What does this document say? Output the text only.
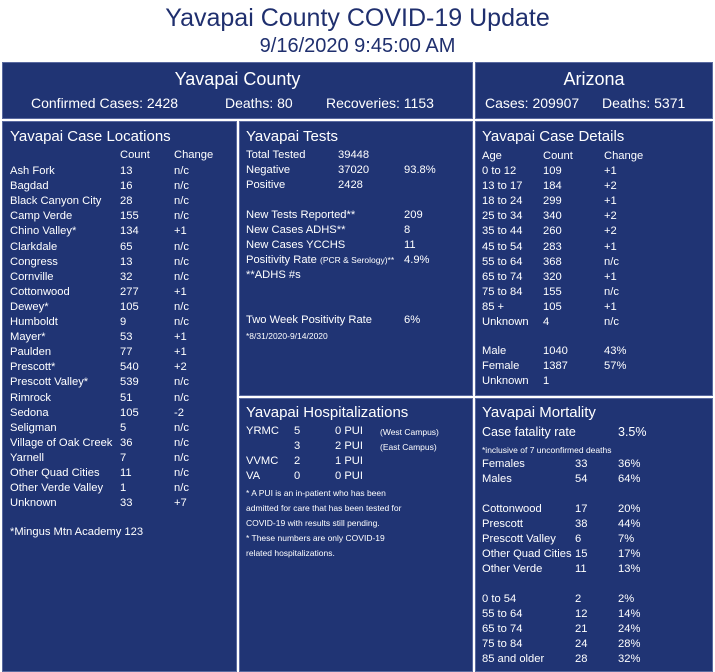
Yavapai County COVID-19 Update
9/16/2020 9:45:00 AM
Yavapai County
Confirmed Cases: 2428	Deaths: 80 Recoveries: 1153
Arizona
Cases: 209907 Deaths: 5371
Yavapai Case Locations
Count Change
Ash Fork	13	n/c
Bagdad	16	n/c
Black Canyon City 28	n/c
Camp Verde	155	n/c
Chino Valley*	134	+1
Clarkdale	65	n/c
Congress	13	n/c
Cornville	32	n/c
Cottonwood	277	+1
Dewey*	105	n/c
Humboldt	9	n/c
Mayer*	53	+1
Paulden	77	+1
Prescott*	540	+2
Prescott Valley*	539	n/c
Rimrock	51	n/c
Sedona	105	-2
Seligman	5	n/c
Village of Oak Creek 36	n/c
Yarnell	7	n/c
Other Quad Cities 11	n/c
Other Verde Valley 1	n/c
Unknown	33	+7
*Mingus Mtn Academy 123
Yavapai Tests
Total Tested	39448
Negative	37020	93.8%
Positive	2428
New Tests Reported**	209
New Cases ADHS**	8
New Cases YCCHS	11
Positivity Rate (PCR & Serology)** 4.9%
**ADHS #s
Two Week Positivity Rate	6%
*8/31/2020-9/14/2020
Yavapai Hospitalizations
YRMC 5	0 PUI (West Campus)
3	2 PUI (East Campus)
VVMC 2	1 PUI
VA	0	0 PUI
* A PUI is an in-patient who has been
admitted for care that has been tested for
COVID-19 with results still pending.
* These numbers are only COVID-19
related hospitalizations.
Yavapai Case Details
Age	Count	Change
0 to 12 109	+1
13 to 17 184	+2
18 to 24 299	+1
25 to 34 340	+2
35 to 44 260	+2
45 to 54 283	+1
55 to 64 368	n/c
65 to 74 320	+1
75 to 84 155	n/c
85 +	105	+1
Unknown 4	n/c
Male	1040	43%
Female 1387	57%
Unknown 1
Yavapai Mortality
Case fatality rate	3.5%
*inclusive of 7 unconfirmed deaths
Females	33	36%
Males	54	64%
Cottonwood	17	20%
Prescott	38	44%
Prescott Valley 6	7%
Other Quad Cities 15	17%
Other Verde	11	13%
0 to 54	2	2%
55 to 64	12	14%
65 to 74	21	24%
75 to 84	24	28%
85 and older	28	32%
